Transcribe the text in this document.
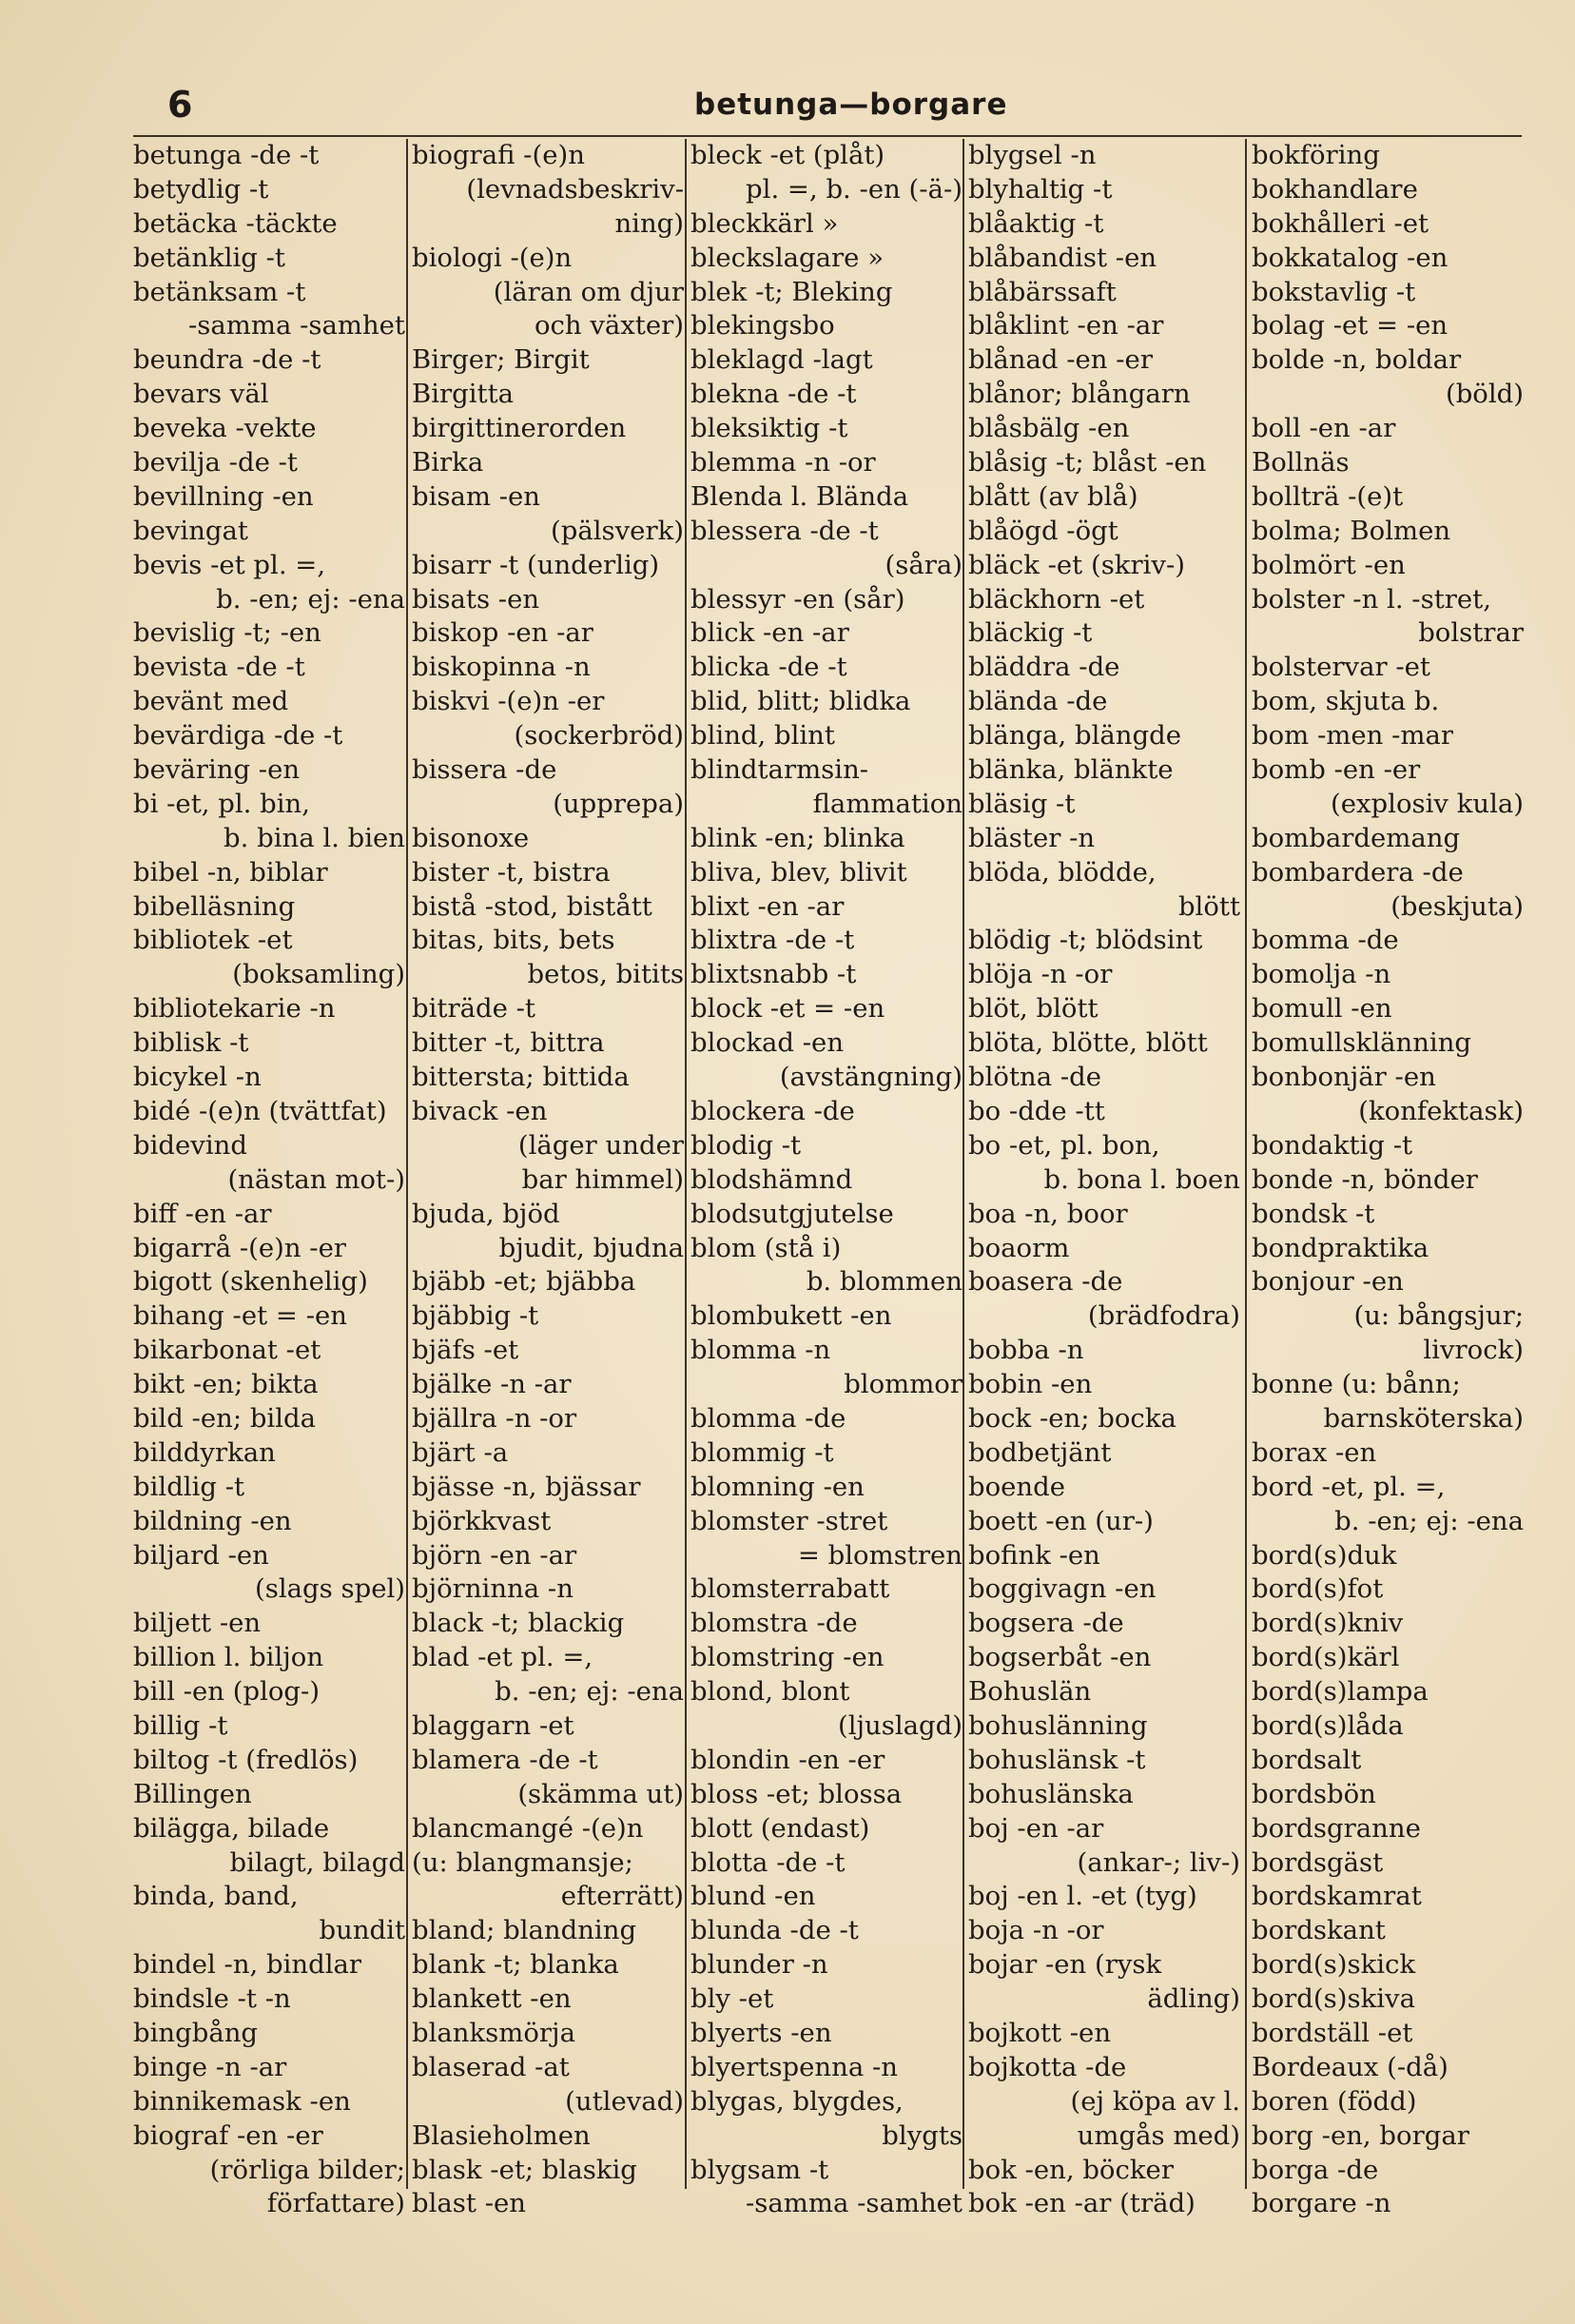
6	betunga—borgare
betunga -de -t
betydlig -t
betäcka -täckte
betänklig -t
betänksam -t
-samma -samhet
beundra -de -t
bevars väl
beveka -vekte
bevilja -de -t
bevillning -en
bevingat
bevis -et pl. =,
b. -en; ej: -ena
bevislig -t; -en
bevista -de -t
bevänt med
bevärdiga -de -t
beväring -en
bi -et, pl. bin,
b. bina l. bien
bibel -n, biblar
bibelläsning
bibliotek -et
(boksamling)
bibliotekarie -n
biblisk -t
bicykel -n
bidé -(e)n (tvättfat)
bidevind
(nästan mot-)
biff -en -ar
bigarrå -(e)n -er
bigott (skenhelig)
bihang -et = -en
bikarbonat -et
bikt -en; bikta
bild -en; bilda
bilddyrkan
bildlig -t
bildning -en
biljard -en
(slags spel)
biljett -en
billion l. biljon
bill -en (plog-)
billig -t
biltog -t (fredlös)
Billingen
bilägga, bilade
bilagt, bilagd
binda, band,
bundit
bindel -n, bindlar
bindsle -t -n
bingbång
binge -n -ar
binnikemask -en
biograf -en -er
(rörliga bilder;
författare)
biografi -(e)n
(levnadsbeskriv-
ning)
biologi -(e)n
(läran om djur
och växter)
Birger; Birgit
Birgitta
birgittinerorden
Birka
bisam -en
(pälsverk)
bisarr -t (underlig)
bisats -en
biskop -en -ar
biskopinna -n
biskvi -(e)n -er
(sockerbröd)
bissera -de
(upprepa)
bisonoxe
bister -t, bistra
bistå -stod, bistått
bitas, bits, bets
betos, bitits
biträde -t
bitter -t, bittra
bittersta; bittida
bivack -en
(läger under
bar himmel)
bjuda, bjöd
bjudit, bjudna
bjäbb -et; bjäbba
bjäbbig -t
bjäfs -et
bjälke -n -ar
bjällra -n -or
bjärt -a
bjässe -n, bjässar
björkkvast
björn -en -ar
björninna -n
black -t; blackig
blad -et pl. =,
b. -en; ej: -ena
blaggarn -et
blamera -de -t
(skämma ut)
blancmangé -(e)n
(u: blangmansje;
efterrätt)
bland; blandning
blank -t; blanka
blankett -en
blanksmörja
blaserad -at
(utlevad)
Blasieholmen
blask -et; blaskig
blast -en
bleck -et (plåt)
pl. =, b. -en (-ä-)
bleckkärl »
bleckslagare »
blek -t; Bleking
blekingsbo
bleklagd -lagt
blekna -de -t
bleksiktig -t
blemma -n -or
Blenda l. Blända
blessera -de -t
(såra)
blessyr -en (sår)
blick -en -ar
blicka -de -t
blid, blitt; blidka
blind, blint
blindtarmsin-
flammation
blink -en; blinka
bliva, blev, blivit
blixt -en -ar
blixtra -de -t
blixtsnabb -t
block -et = -en
blockad -en
(avstängning)
blockera -de
blodig -t
blodshämnd
blodsutgjutelse
blom (stå i)
b. blommen
blombukett -en
blomma -n
blommor
blomma -de
blommig -t
blomning -en
blomster -stret
= blomstren
blomsterrabatt
blomstra -de
blomstring -en
blond, blont
(ljuslagd)
blondin -en -er
bloss -et; blossa
blott (endast)
blotta -de -t
blund -en
blunda -de -t
blunder -n
bly -et
blyerts -en
blyertspenna -n
blygas, blygdes,
blygts
blygsam -t
-samma -samhet
blygsel -n
blyhaltig -t
blåaktig -t
blåbandist -en
blåbärssaft
blåklint -en -ar
blånad -en -er
blånor; blångarn
blåsbälg -en
blåsig -t; blåst -en
blått (av blå)
blåögd -ögt
bläck -et (skriv-)
bläckhorn -et
bläckig -t
bläddra -de
blända -de
blänga, blängde
blänka, blänkte
bläsig -t
bläster -n
blöda, blödde,
blött
blödig -t; blödsint
blöja -n -or
blöt, blött
blöta, blötte, blött
blötna -de
bo -dde -tt
bo -et, pl. bon,
b. bona l. boen
boa -n, boor
boaorm
boasera -de
(brädfodra)
bobba -n
bobin -en
bock -en; bocka
bodbetjänt
boende
boett -en (ur-)
bofink -en
boggivagn -en
bogsera -de
bogserbåt -en
Bohuslän
bohuslänning
bohuslänsk -t
bohuslänska
boj -en -ar
(ankar-; liv-)
boj -en l. -et (tyg)
boja -n -or
bojar -en (rysk
ädling)
bojkott -en
bojkotta -de
(ej köpa av l.
umgås med)
bok -en, böcker
bok -en -ar (träd)
bokföring
bokhandlare
bokhålleri -et
bokkatalog -en
bokstavlig -t
bolag -et = -en
bolde -n, boldar
(böld)
boll -en -ar
Bollnäs
bollträ -(e)t
bolma; Bolmen
bolmört -en
bolster -n l. -stret,
bolstrar
bolstervar -et
bom, skjuta b.
bom -men -mar
bomb -en -er
(explosiv kula)
bombardemang
bombardera -de
(beskjuta)
bomma -de
bomolja -n
bomull -en
bomullsklänning
bonbonjär -en
(konfektask)
bondaktig -t
bonde -n, bönder
bondsk -t
bondpraktika
bonjour -en
(u: bångsjur;
livrock)
bonne (u: bånn;
barnsköterska)
borax -en
bord -et, pl. =,
b. -en; ej: -ena
bord(s)duk
bord(s)fot
bord(s)kniv
bord(s)kärl
bord(s)lampa
bord(s)låda
bordsalt
bordsbön
bordsgranne
bordsgäst
bordskamrat
bordskant
bord(s)skick
bord(s)skiva
bordställ -et
Bordeaux (-då)
boren (född)
borg -en, borgar
borga -de
borgare -n
